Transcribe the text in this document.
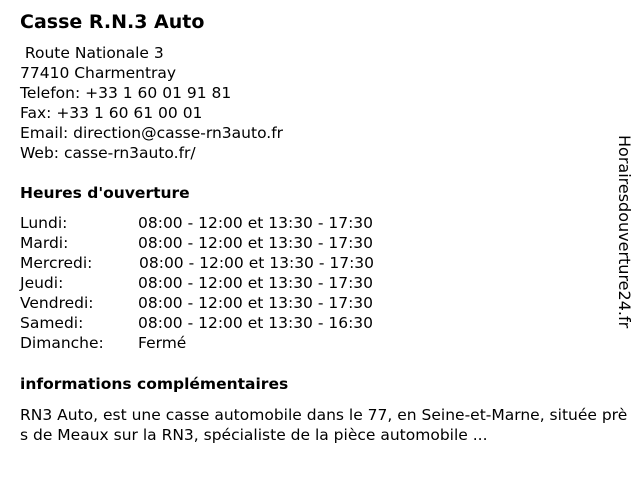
Casse R.N.3 Auto
Route Nationale 3
77410 Charmentray
Telefon: +33 1 60 01 91 81
Fax: +33 1 60 61 00 01
Email: direction@casse-rn3auto.fr
Web: casse-rn3auto.fr/
Heures d'ouverture
Lundi:	08:00 - 12:00 et 13:30 - 17:30
Mardi:	08:00 - 12:00 et 13:30 - 17:30
Mercredi:	08:00 - 12:00 et 13:30 - 17:30
Jeudi:	08:00 - 12:00 et 13:30 - 17:30
Vendredi:	08:00 - 12:00 et 13:30 - 17:30
Samedi:	08:00 - 12:00 et 13:30 - 16:30
Dimanche: Fermé
informations complémentaires
RN3 Auto, est une casse automobile dans le 77, en Seine-et-Marne, située près de Meaux sur la RN3, spécialiste de la pièce automobile ...
Horairesdouverture24.fr
